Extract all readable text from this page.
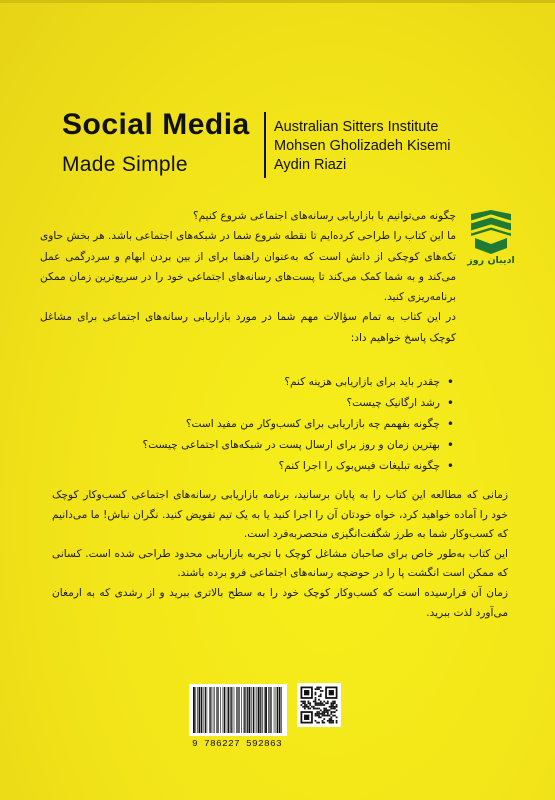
Social Media
Made Simple
Australian Sitters Institute
Mohsen Gholizadeh Kisemi
Aydin Riazi
ادیبان روز

چگونه می‌توانیم با بازاریابی رسانه‌های اجتماعی شروع کنیم؟

ما این کتاب را طراحی کرده‌ایم تا نقطه شروع شما در شبکه‌های اجتماعی باشد. هر بخش حاوی تکه‌های کوچکی از دانش است که به‌عنوان راهنما برای از بین بردن ابهام و سردرگمی عمل می‌کند و به شما کمک می‌کند تا پست‌های رسانه‌های اجتماعی خود را در سریع‌ترین زمان ممکن برنامه‌ریزی کنید.

در این کتاب به تمام سؤالات مهم شما در مورد بازاریابی رسانه‌های اجتماعی برای مشاغل کوچک پاسخ خواهیم داد:

• چقدر باید برای بازاریابی هزینه کنم؟
• رشد ارگانیک چیست؟
• چگونه بفهمم چه بازاریابی برای کسب‌وکار من مفید است؟
• بهترین زمان و روز برای ارسال پست در شبکه‌های اجتماعی چیست؟
• چگونه تبلیغات فیس‌بوک را اجرا کنم؟

زمانی که مطالعه این کتاب را به پایان برسانید، برنامه بازاریابی رسانه‌های اجتماعی کسب‌وکار کوچک خود را آماده خواهید کرد، خواه خودتان آن را اجرا کنید یا به یک تیم تفویض کنید. نگران نباش! ما می‌دانیم که کسب‌وکار شما به طرز شگفت‌انگیزی منحصربه‌فرد است.

این کتاب به‌طور خاص برای صاحبان مشاغل کوچک با تجربه بازاریابی محدود طراحی شده است. کسانی که ممکن است انگشت پا را در حوضچه رسانه‌های اجتماعی فرو برده باشند.

زمان آن فرارسیده است که کسب‌وکار کوچک خود را به سطح بالاتری ببرید و از رشدی که به ارمغان می‌آورد لذت ببرید.

9 786227 592863
